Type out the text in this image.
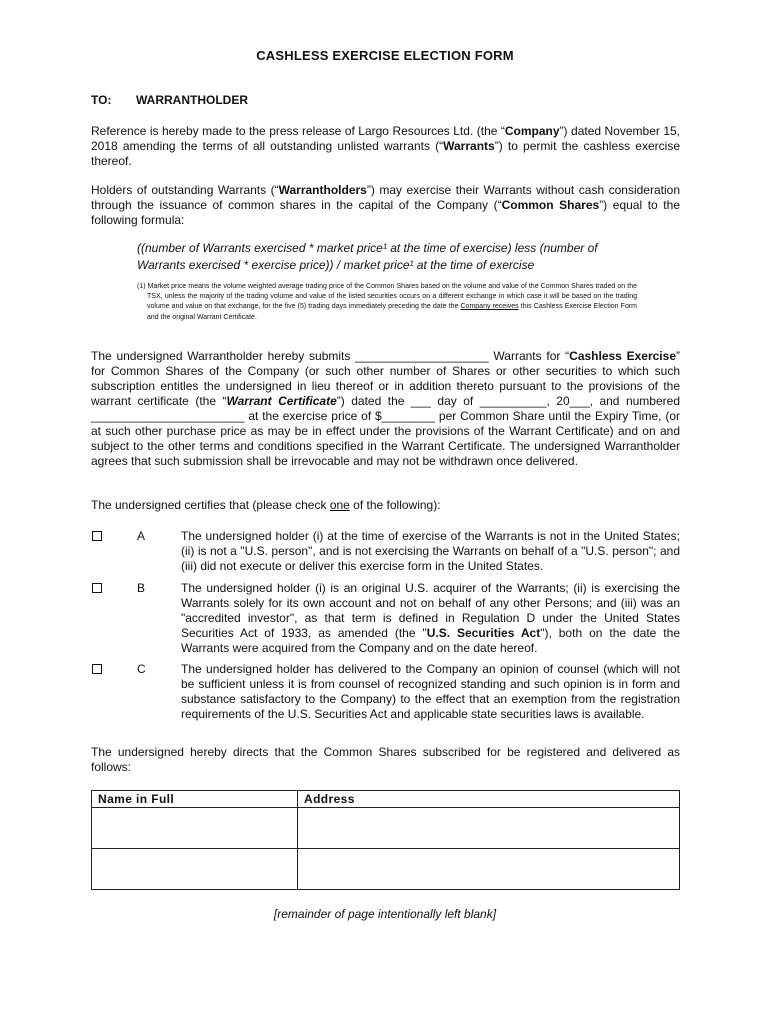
CASHLESS EXERCISE ELECTION FORM
TO: WARRANTHOLDER
Reference is hereby made to the press release of Largo Resources Ltd. (the “Company”) dated November 15, 2018 amending the terms of all outstanding unlisted warrants (“Warrants”) to permit the cashless exercise thereof.
Holders of outstanding Warrants (“Warrantholders”) may exercise their Warrants without cash consideration through the issuance of common shares in the capital of the Company (“Common Shares”) equal to the following formula:
((number of Warrants exercised * market price¹ at the time of exercise) less (number of
Warrants exercised * exercise price)) / market price¹ at the time of exercise
(1) Market price means the volume weighted average trading price of the Common Shares based on the volume and value of the Common Shares traded on the TSX, unless the majority of the trading volume and value of the listed securities occurs on a different exchange in which case it will be based on the trading volume and value on that exchange, for the five (5) trading days immediately preceding the date the Company receives this Cashless Exercise Election Form and the original Warrant Certificate.
The undersigned Warrantholder hereby submits ____________________ Warrants for “Cashless Exercise” for Common Shares of the Company (or such other number of Shares or other securities to which such subscription entitles the undersigned in lieu thereof or in addition thereto pursuant to the provisions of the warrant certificate (the “Warrant Certificate”) dated the ___ day of __________, 20___, and numbered _______________________ at the exercise price of $________ per Common Share until the Expiry Time, (or at such other purchase price as may be in effect under the provisions of the Warrant Certificate) and on and subject to the other terms and conditions specified in the Warrant Certificate. The undersigned Warrantholder agrees that such submission shall be irrevocable and may not be withdrawn once delivered.
The undersigned certifies that (please check one of the following):
A	The undersigned holder (i) at the time of exercise of the Warrants is not in the United States; (ii) is not a "U.S. person", and is not exercising the Warrants on behalf of a "U.S. person"; and (iii) did not execute or deliver this exercise form in the United States.
B	The undersigned holder (i) is an original U.S. acquirer of the Warrants; (ii) is exercising the Warrants solely for its own account and not on behalf of any other Persons; and (iii) was an "accredited investor", as that term is defined in Regulation D under the United States Securities Act of 1933, as amended (the "U.S. Securities Act"), both on the date the Warrants were acquired from the Company and on the date hereof.
C	The undersigned holder has delivered to the Company an opinion of counsel (which will not be sufficient unless it is from counsel of recognized standing and such opinion is in form and substance satisfactory to the Company) to the effect that an exemption from the registration requirements of the U.S. Securities Act and applicable state securities laws is available.
The undersigned hereby directs that the Common Shares subscribed for be registered and delivered as follows:
Name in Full	Address

[remainder of page intentionally left blank]
